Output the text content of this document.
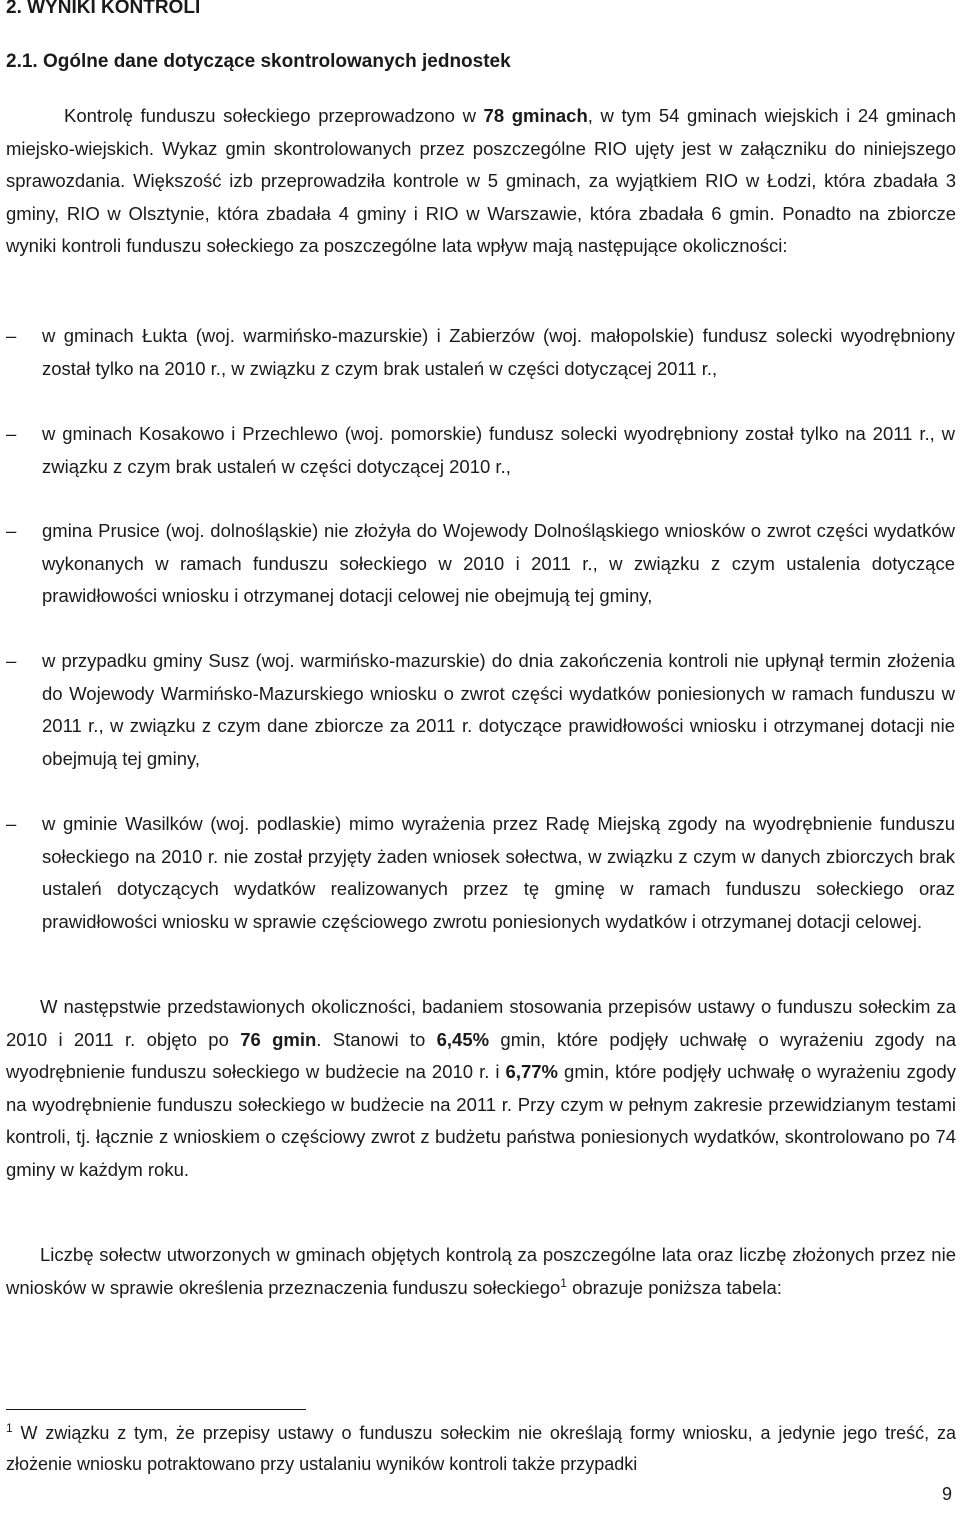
2. WYNIKI KONTROLI
2.1. Ogólne dane dotyczące skontrolowanych jednostek

Kontrolę funduszu sołeckiego przeprowadzono w 78 gminach, w tym 54 gminach wiejskich i 24 gminach miejsko-wiejskich. Wykaz gmin skontrolowanych przez poszczególne RIO ujęty jest w załączniku do niniejszego sprawozdania. Większość izb przeprowadziła kontrole w 5 gminach, za wyjątkiem RIO w Łodzi, która zbadała 3 gminy, RIO w Olsztynie, która zbadała 4 gminy i RIO w Warszawie, która zbadała 6 gmin. Ponadto na zbiorcze wyniki kontroli funduszu sołeckiego za poszczególne lata wpływ mają następujące okoliczności:

– w gminach Łukta (woj. warmińsko-mazurskie) i Zabierzów (woj. małopolskie) fundusz solecki wyodrębniony został tylko na 2010 r., w związku z czym brak ustaleń w części dotyczącej 2011 r.,

– w gminach Kosakowo i Przechlewo (woj. pomorskie) fundusz solecki wyodrębniony został tylko na 2011 r., w związku z czym brak ustaleń w części dotyczącej 2010 r.,

– gmina Prusice (woj. dolnośląskie) nie złożyła do Wojewody Dolnośląskiego wniosków o zwrot części wydatków wykonanych w ramach funduszu sołeckiego w 2010 i 2011 r., w związku z czym ustalenia dotyczące prawidłowości wniosku i otrzymanej dotacji celowej nie obejmują tej gminy,

– w przypadku gminy Susz (woj. warmińsko-mazurskie) do dnia zakończenia kontroli nie upłynął termin złożenia do Wojewody Warmińsko-Mazurskiego wniosku o zwrot części wydatków poniesionych w ramach funduszu w 2011 r., w związku z czym dane zbiorcze za 2011 r. dotyczące prawidłowości wniosku i otrzymanej dotacji nie obejmują tej gminy,

– w gminie Wasilków (woj. podlaskie) mimo wyrażenia przez Radę Miejską zgody na wyodrębnienie funduszu sołeckiego na 2010 r. nie został przyjęty żaden wniosek sołectwa, w związku z czym w danych zbiorczych brak ustaleń dotyczących wydatków realizowanych przez tę gminę w ramach funduszu sołeckiego oraz prawidłowości wniosku w sprawie częściowego zwrotu poniesionych wydatków i otrzymanej dotacji celowej.

W następstwie przedstawionych okoliczności, badaniem stosowania przepisów ustawy o funduszu sołeckim za 2010 i 2011 r. objęto po 76 gmin. Stanowi to 6,45% gmin, które podjęły uchwałę o wyrażeniu zgody na wyodrębnienie funduszu sołeckiego w budżecie na 2010 r. i 6,77% gmin, które podjęły uchwałę o wyrażeniu zgody na wyodrębnienie funduszu sołeckiego w budżecie na 2011 r. Przy czym w pełnym zakresie przewidzianym testami kontroli, tj. łącznie z wnioskiem o częściowy zwrot z budżetu państwa poniesionych wydatków, skontrolowano po 74 gminy w każdym roku.

Liczbę sołectw utworzonych w gminach objętych kontrolą za poszczególne lata oraz liczbę złożonych przez nie wniosków w sprawie określenia przeznaczenia funduszu sołeckiego$^1$ obrazuje poniższa tabela:

$^1$ W związku z tym, że przepisy ustawy o funduszu sołeckim nie określają formy wniosku, a jedynie jego treść, za złożenie wniosku potraktowano przy ustalaniu wyników kontroli także przypadki

9
